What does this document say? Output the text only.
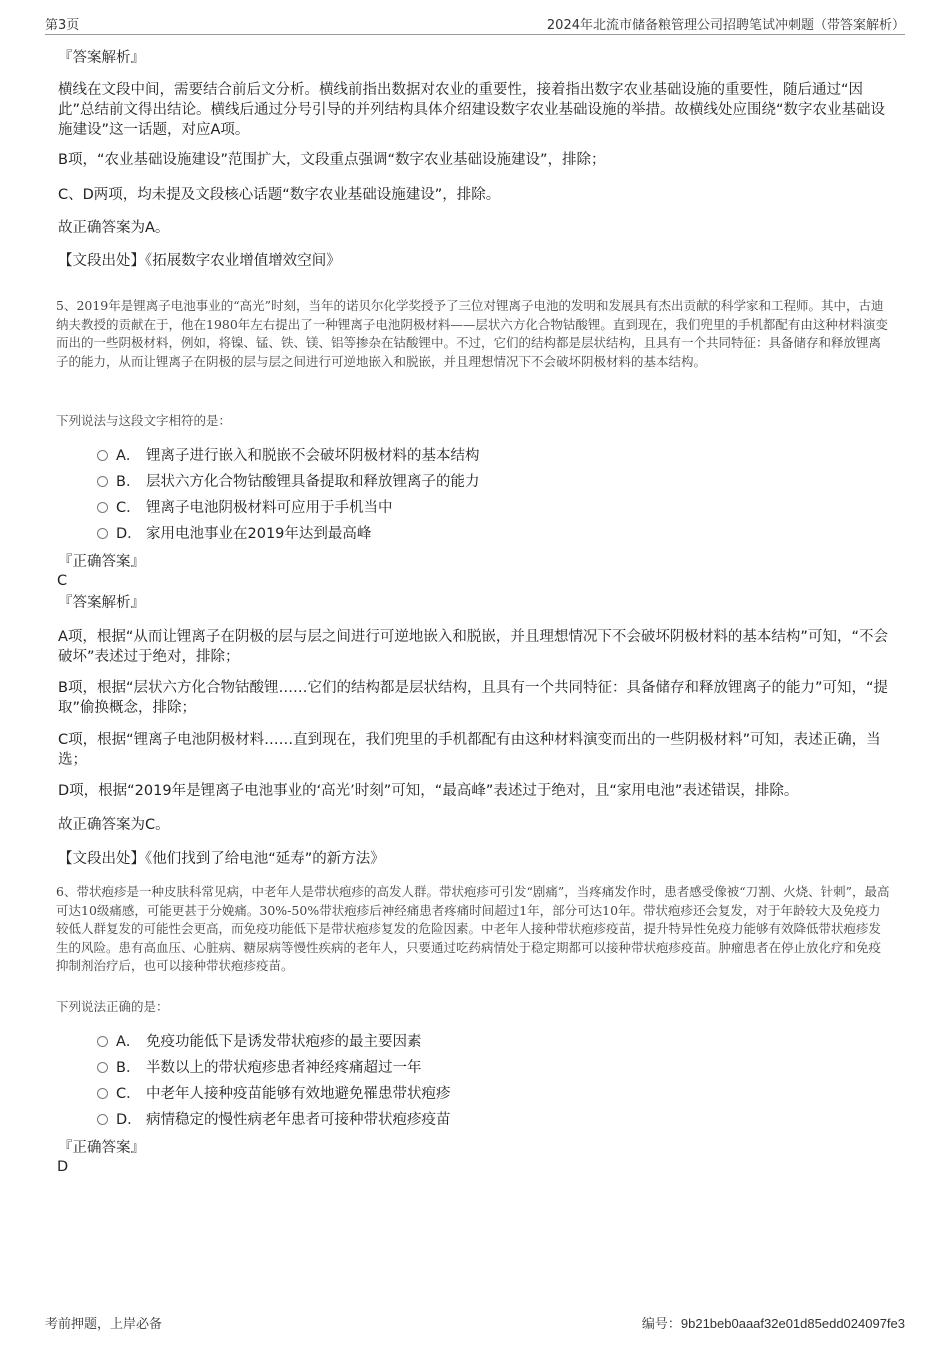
第3页	2024年北流市储备粮管理公司招聘笔试冲刺题（带答案解析）
『答案解析』
横线在文段中间，需要结合前后文分析。横线前指出数据对农业的重要性，接着指出数字农业基础设施的重要性，随后通过“因此”总结前文得出结论。横线后通过分号引导的并列结构具体介绍建设数字农业基础设施的举措。故横线处应围绕“数字农业基础设施建设”这一话题，对应A项。
B项，“农业基础设施建设”范围扩大，文段重点强调“数字农业基础设施建设”，排除；
C、D两项，均未提及文段核心话题“数字农业基础设施建设”，排除。
故正确答案为A。
【文段出处】《拓展数字农业增值增效空间》
5、2019年是锂离子电池事业的“高光”时刻，当年的诺贝尔化学奖授予了三位对锂离子电池的发明和发展具有杰出贡献的科学家和工程师。其中，古迪纳夫教授的贡献在于，他在1980年左右提出了一种锂离子电池阴极材料——层状六方化合物钴酸锂。直到现在，我们兜里的手机都配有由这种材料演变而出的一些阴极材料，例如，将镍、锰、铁、镁、铝等掺杂在钴酸锂中。不过，它们的结构都是层状结构，且具有一个共同特征：具备储存和释放锂离子的能力，从而让锂离子在阴极的层与层之间进行可逆地嵌入和脱嵌，并且理想情况下不会破坏阴极材料的基本结构。
下列说法与这段文字相符的是：
A． 锂离子进行嵌入和脱嵌不会破坏阴极材料的基本结构
B． 层状六方化合物钴酸锂具备提取和释放锂离子的能力
C． 锂离子电池阴极材料可应用于手机当中
D． 家用电池事业在2019年达到最高峰
『正确答案』
C
『答案解析』
A项，根据“从而让锂离子在阴极的层与层之间进行可逆地嵌入和脱嵌，并且理想情况下不会破坏阴极材料的基本结构”可知，“不会破坏”表述过于绝对，排除；
B项，根据“层状六方化合物钴酸锂……它们的结构都是层状结构，且具有一个共同特征：具备储存和释放锂离子的能力”可知，“提取”偷换概念，排除；
C项，根据“锂离子电池阴极材料……直到现在，我们兜里的手机都配有由这种材料演变而出的一些阴极材料”可知，表述正确，当选；
D项，根据“2019年是锂离子电池事业的‘高光’时刻”可知，“最高峰”表述过于绝对，且“家用电池”表述错误，排除。
故正确答案为C。
【文段出处】《他们找到了给电池“延寿”的新方法》
6、带状疱疹是一种皮肤科常见病，中老年人是带状疱疹的高发人群。带状疱疹可引发“剧痛”，当疼痛发作时，患者感受像被“刀割、火烧、针刺”，最高可达10级痛感，可能更甚于分娩痛。30%-50%带状疱疹后神经痛患者疼痛时间超过1年，部分可达10年。带状疱疹还会复发，对于年龄较大及免疫力较低人群复发的可能性会更高，而免疫功能低下是带状疱疹复发的危险因素。中老年人接种带状疱疹疫苗，提升特异性免疫力能够有效降低带状疱疹发生的风险。患有高血压、心脏病、糖尿病等慢性疾病的老年人，只要通过吃药病情处于稳定期都可以接种带状疱疹疫苗。肿瘤患者在停止放化疗和免疫抑制剂治疗后，也可以接种带状疱疹疫苗。
下列说法正确的是：
A． 免疫功能低下是诱发带状疱疹的最主要因素
B． 半数以上的带状疱疹患者神经疼痛超过一年
C． 中老年人接种疫苗能够有效地避免罹患带状疱疹
D． 病情稳定的慢性病老年患者可接种带状疱疹疫苗
『正确答案』
D
考前押题，上岸必备	编号：9b21beb0aaaf32e01d85edd024097fe3
